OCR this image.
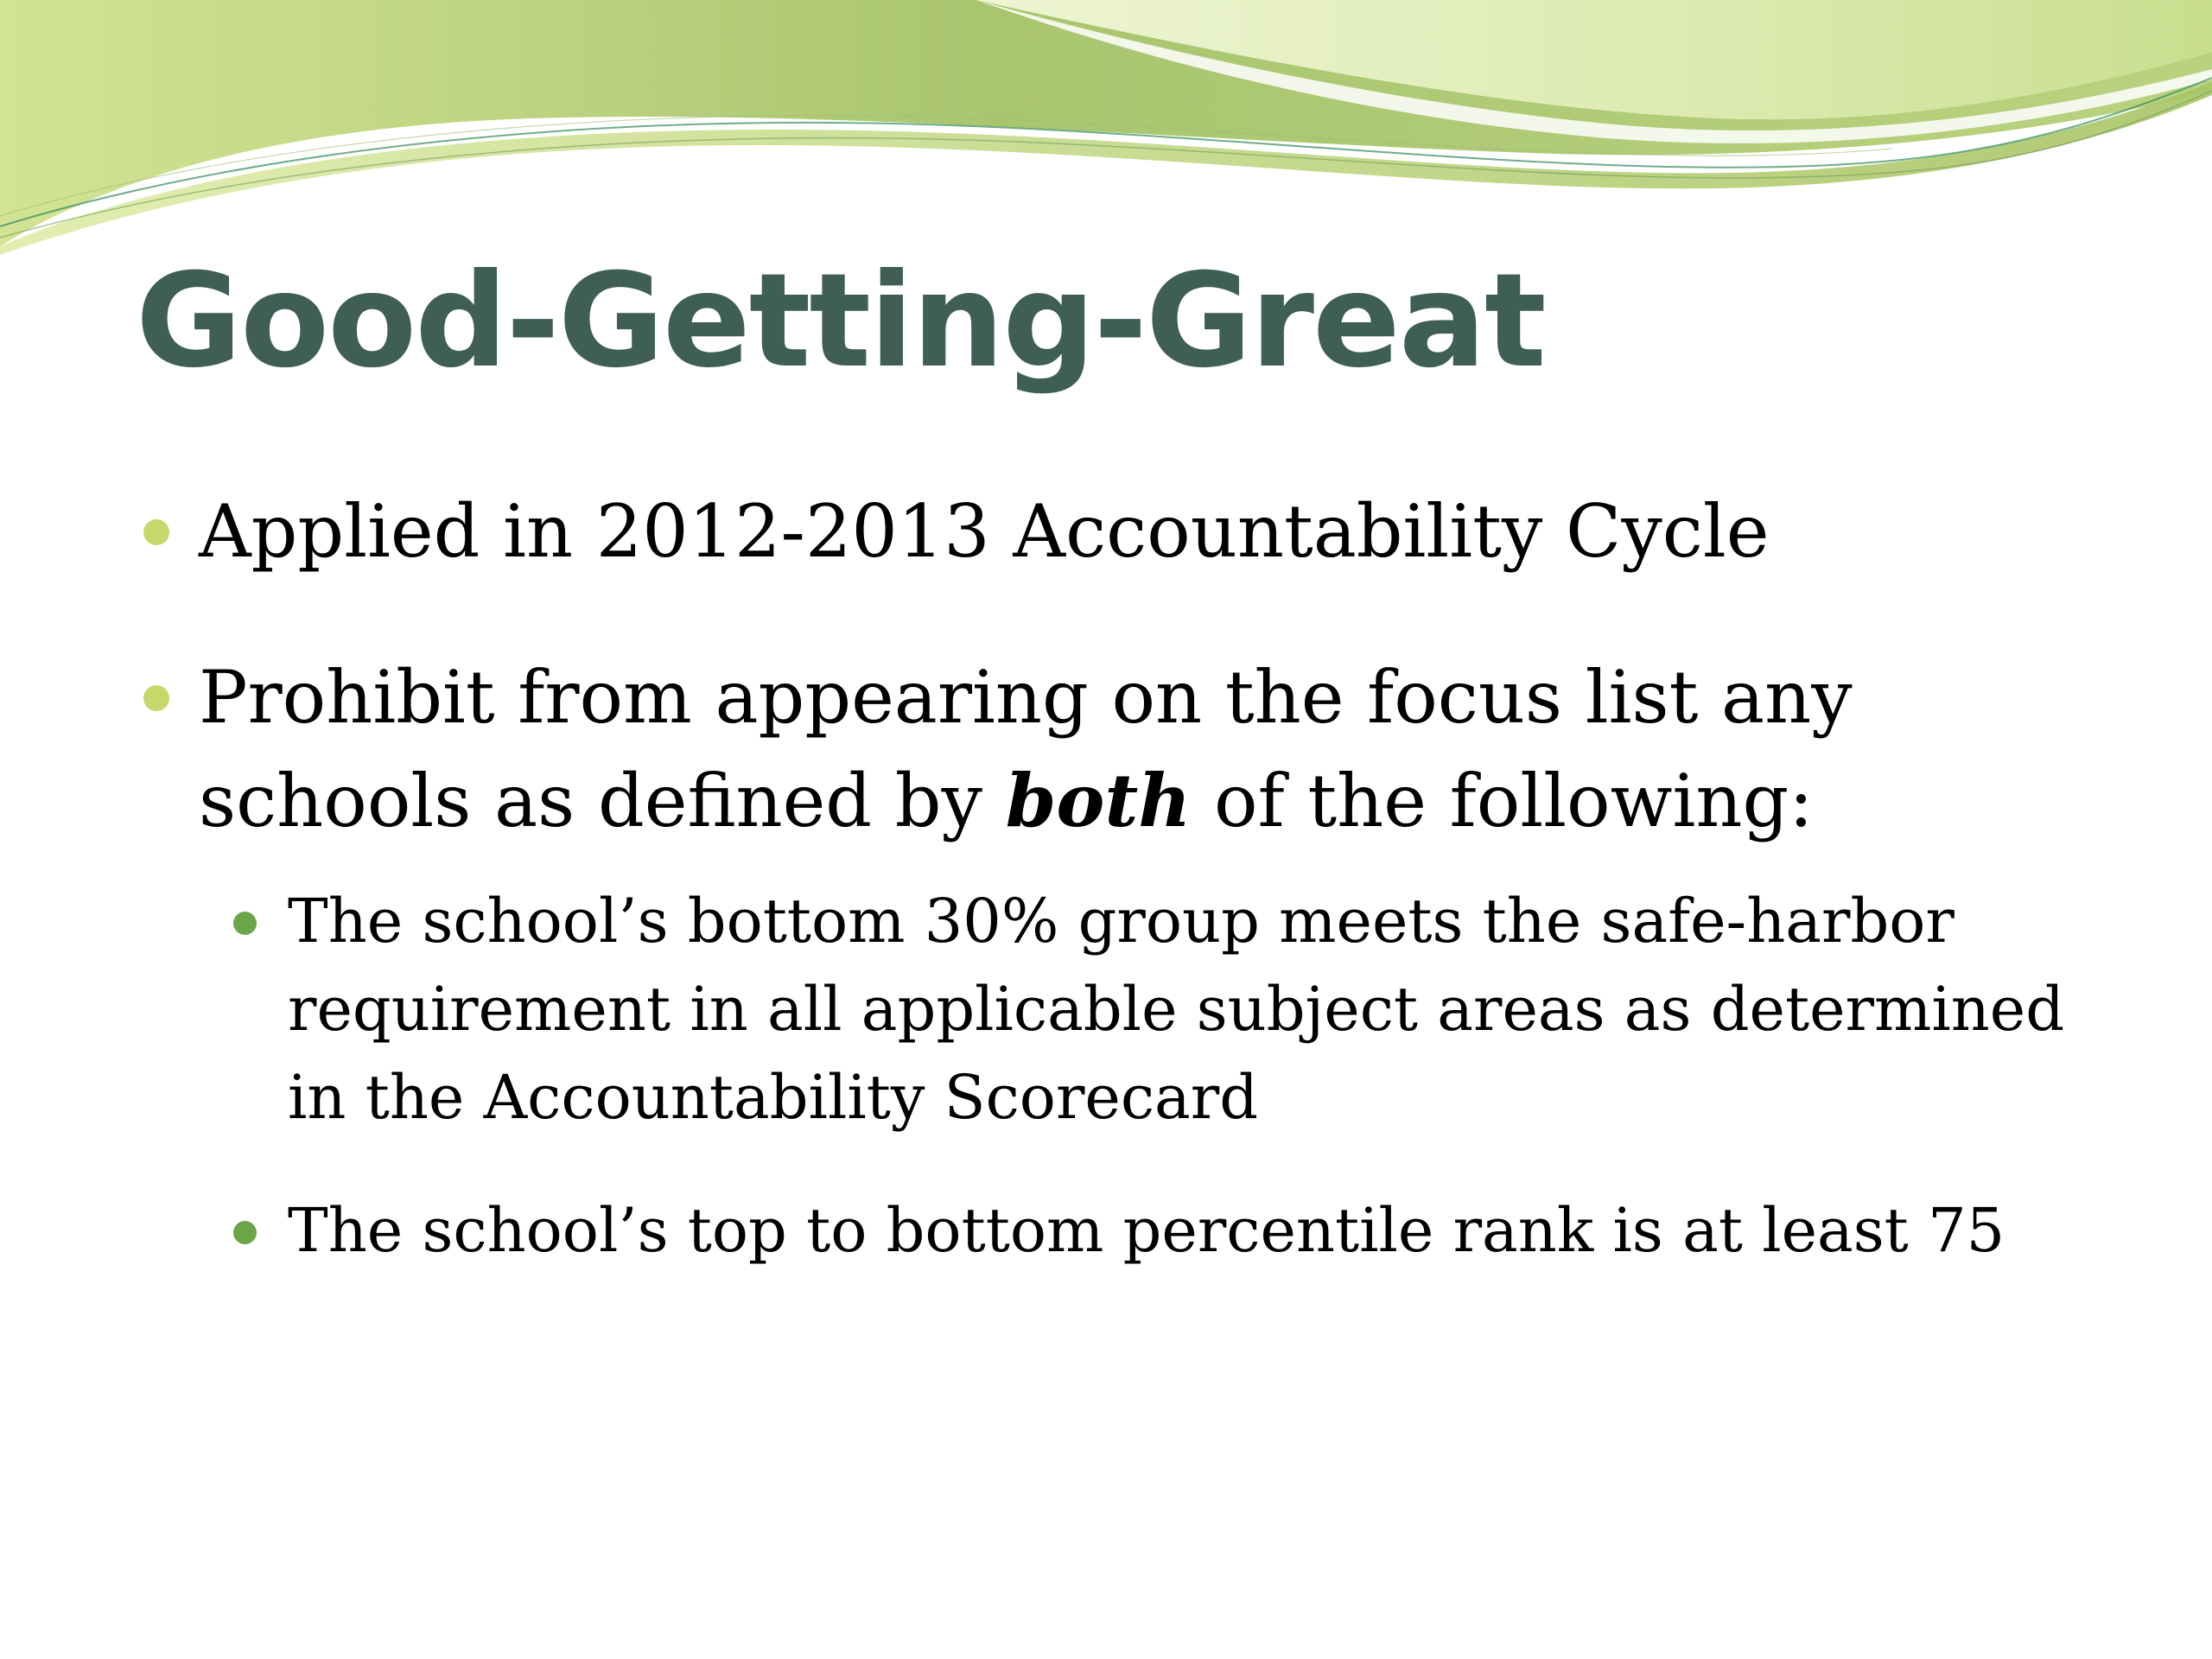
Good-Getting-Great
Applied in 2012-2013 Accountability Cycle
Prohibit from appearing on the focus list any schools as defined by both of the following:
The school’s bottom 30% group meets the safe-harbor requirement in all applicable subject areas as determined in the Accountability Scorecard
The school’s top to bottom percentile rank is at least 75
